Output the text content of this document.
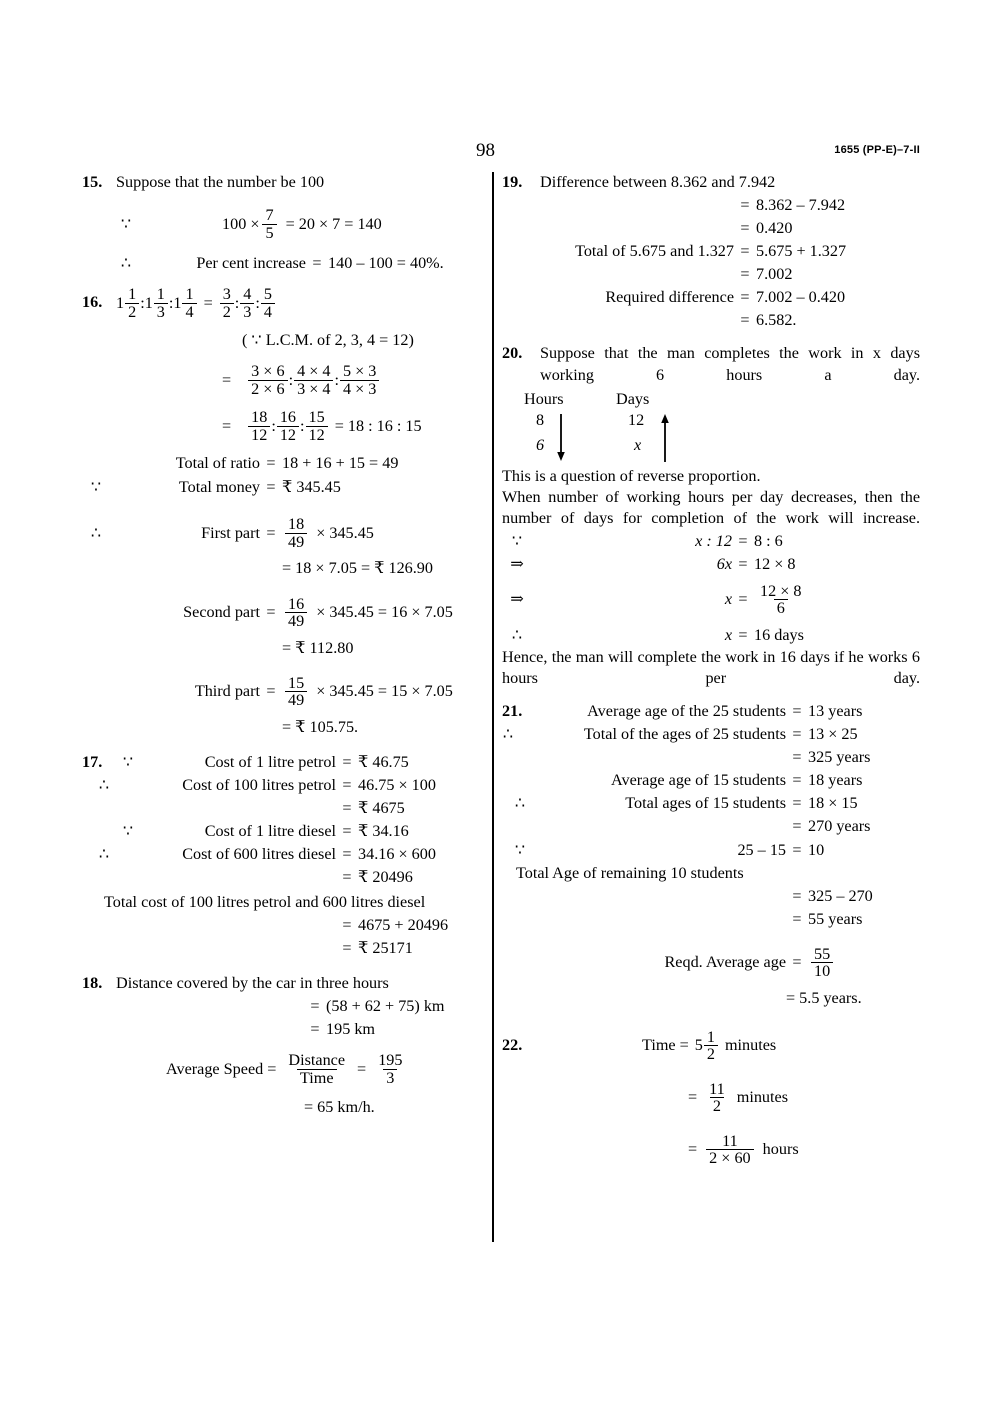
98	1655 (PP-E)–7-II
15. Suppose that the number be 100
∵	$100 \times \frac{7}{5} = 20 \times 7 = 140$
∴	Per cent increase = 140 – 100 = 40%.
16. $1 \frac{1}{2}$ : $1 \frac{1}{3}$ : $1 \frac{1}{4} = \frac{3}{2}$ : $\frac{4}{3}$ : $\frac{5}{4}$
( ∵ L.C.M. of 2, 3, 4 = 12)
= $\frac{3 \times 6}{2 \times 6}$ : $\frac{4 \times 4}{3 \times 4}$ : $\frac{5 \times 3}{4 \times 3}$
= $\frac{18}{12}$ : $\frac{16}{12}$ : $\frac{15}{12} = 18$ : 16 : 15
Total of ratio = 18 + 16 + 15 = 49
∵	Total money = ₹ 345.45
∴	First part = $\frac{18}{49} \times 345.45$
= 18 × 7.05 = ₹ 126.90
Second part = $\frac{16}{49} \times 345.45 = 16 \times 7.05$
= ₹ 112.80
Third part = $\frac{15}{49} \times 345.45 = 15 \times 7.05$
= ₹ 105.75.
17.	∵	Cost of 1 litre petrol = ₹ 46.75
∴	Cost of 100 litres petrol = 46.75 × 100
= ₹ 4675
∵	Cost of 1 litre diesel = ₹ 34.16
∴	Cost of 600 litres diesel = 34.16 × 600
= ₹ 20496
Total cost of 100 litres petrol and 600 litres diesel
= 4675 + 20496
= ₹ 25171
18. Distance covered by the car in three hours
= (58 + 62 + 75) km
= 195 km
Average Speed = $\frac{\text{Distance}}{\text{Time}} = \frac{195}{3}$
= 65 km/h.
19. Difference between 8.362 and 7.942
= 8.362 – 7.942
= 0.420
Total of 5.675 and 1.327 = 5.675 + 1.327
= 7.002
Required difference = 7.002 – 0.420
= 6.582.
20. Suppose that the man completes the work in x days working 6 hours a day.
Hours	Days
8	12
6	x
This is a question of reverse proportion.
When number of working hours per day decreases, then the number of days for completion of the work will increase.
∵	x : 12 = 8 : 6
⇒	6x = 12 × 8
⇒	$x = \frac{12 \times 8}{6}$
∴	x = 16 days
Hence, the man will complete the work in 16 days if he works 6 hours per day.
21.	Average age of the 25 students = 13 years
∴	Total of the ages of 25 students = 13 × 25
= 325 years
Average age of 15 students = 18 years
∴	Total ages of 15 students = 18 × 15
= 270 years
∵	25 – 15 = 10
Total Age of remaining 10 students
= 325 – 270
= 55 years
Reqd. Average age = $\frac{55}{10}$
= 5.5 years.
22.	Time = $5 \frac{1}{2}$ minutes
= $\frac{11}{2}$ minutes
= $\frac{11}{2 \times 60}$ hours
